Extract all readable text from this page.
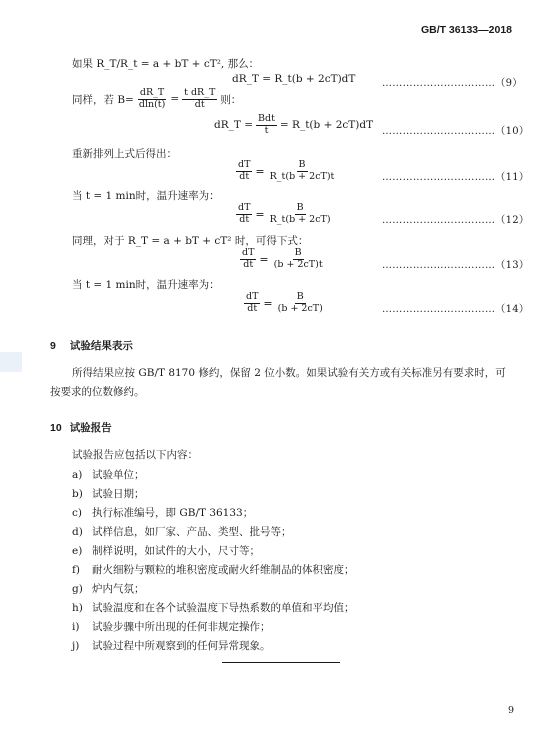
GB/T 36133—2018
如果 R_T/R_t = a + bT + cT², 那么：
dR_T = R_t(b + 2cT)dT	……………………………（9）
同样，若 $B= \frac{dR\_T}{dln(t)} = \frac{\text{t dR\_T}}{dt}$ 则：
dR_T = $\frac{\text{Bdt}}{t}$ = R_t(b + 2cT)dT
……………………………（10）
重新排列上式后得出：
$\frac{dT}{dt} = \frac{B}{R\_t(b + 2cT)t}$	……………………………（11）
当 t = 1 min时，温升速率为：
$\frac{dT}{dt} = \frac{B}{R\_t(b + 2cT)}$	……………………………（12）
同理，对于 R_T = a + bT + cT² 时，可得下式：
$\frac{dT}{dt} = \frac{B}{(b + 2cT)t}$	……………………………（13）
当 t = 1 min时，温升速率为：
$\frac{dT}{dt} = \frac{B}{(b + 2cT)}$	……………………………（14）
9 试验结果表示
所得结果应按 GB/T 8170 修约，保留 2 位小数。如果试验有关方或有关标准另有要求时，可按要求的位数修约。
10 试验报告
试验报告应包括以下内容：
a) 试验单位；
b) 试验日期；
c) 执行标准编号，即 GB/T 36133；
d) 试样信息，如厂家、产品、类型、批号等；
e) 制样说明，如试件的大小，尺寸等；
f) 耐火细粉与颗粒的堆积密度或耐火纤维制品的体积密度；
g) 炉内气氛；
h) 试验温度和在各个试验温度下导热系数的单值和平均值；
i) 试验步骤中所出现的任何非规定操作；
j) 试验过程中所观察到的任何异常现象。
9
